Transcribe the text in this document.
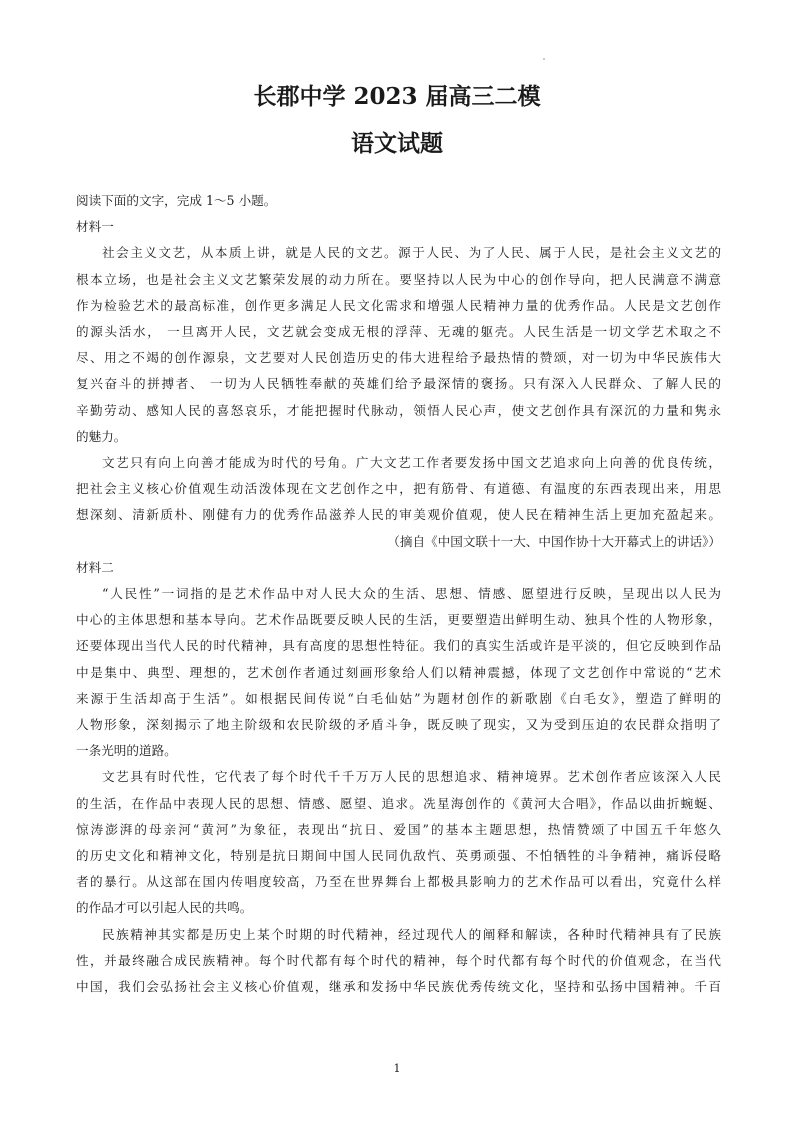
长郡中学 2023 届高三二模
语文试题
阅读下面的文字，完成 1～5 小题。
材料一
社会主义文艺，从本质上讲，就是人民的文艺。源于人民、为了人民、属于人民，是社会主义文艺的
根本立场，也是社会主义文艺繁荣发展的动力所在。要坚持以人民为中心的创作导向，把人民满意不满意
作为检验艺术的最高标准，创作更多满足人民文化需求和增强人民精神力量的优秀作品。人民是文艺创作
的源头活水， 一旦离开人民，文艺就会变成无根的浮萍、无魂的躯壳。人民生活是一切文学艺术取之不
尽、用之不竭的创作源泉，文艺要对人民创造历史的伟大进程给予最热情的赞颂，对一切为中华民族伟大
复兴奋斗的拼搏者、 一切为人民牺牲奉献的英雄们给予最深情的褒扬。只有深入人民群众、了解人民的
辛勤劳动、感知人民的喜怒哀乐，才能把握时代脉动，领悟人民心声，使文艺创作具有深沉的力量和隽永
的魅力。
文艺只有向上向善才能成为时代的号角。广大文艺工作者要发扬中国文艺追求向上向善的优良传统，
把社会主义核心价值观生动活泼体现在文艺创作之中，把有筋骨、有道德、有温度的东西表现出来，用思
想深刻、清新质朴、刚健有力的优秀作品滋养人民的审美观价值观，使人民在精神生活上更加充盈起来。
（摘自《中国文联十一大、中国作协十大开幕式上的讲话》）
材料二
“人民性”一词指的是艺术作品中对人民大众的生活、思想、情感、愿望进行反映，呈现出以人民为
中心的主体思想和基本导向。艺术作品既要反映人民的生活，更要塑造出鲜明生动、独具个性的人物形象，
还要体现出当代人民的时代精神，具有高度的思想性特征。我们的真实生活或许是平淡的，但它反映到作品
中是集中、典型、理想的，艺术创作者通过刻画形象给人们以精神震撼，体现了文艺创作中常说的“艺术
来源于生活却高于生活”。如根据民间传说“白毛仙姑”为题材创作的新歌剧《白毛女》，塑造了鲜明的
人物形象，深刻揭示了地主阶级和农民阶级的矛盾斗争，既反映了现实，又为受到压迫的农民群众指明了
一条光明的道路。
文艺具有时代性，它代表了每个时代千千万万人民的思想追求、精神境界。艺术创作者应该深入人民
的生活，在作品中表现人民的思想、情感、愿望、追求。冼星海创作的《黄河大合唱》，作品以曲折蜿蜒、
惊涛澎湃的母亲河“黄河”为象征，表现出“抗日、爱国”的基本主题思想，热情赞颂了中国五千年悠久
的历史文化和精神文化，特别是抗日期间中国人民同仇敌忾、英勇顽强、不怕牺牲的斗争精神，痛诉侵略
者的暴行。从这部在国内传唱度较高，乃至在世界舞台上都极具影响力的艺术作品可以看出，究竟什么样
的作品才可以引起人民的共鸣。
民族精神其实都是历史上某个时期的时代精神，经过现代人的阐释和解读，各种时代精神具有了民族
性，并最终融合成民族精神。每个时代都有每个时代的精神，每个时代都有每个时代的价值观念，在当代
中国，我们会弘扬社会主义核心价值观，继承和发扬中华民族优秀传统文化，坚持和弘扬中国精神。千百
1
